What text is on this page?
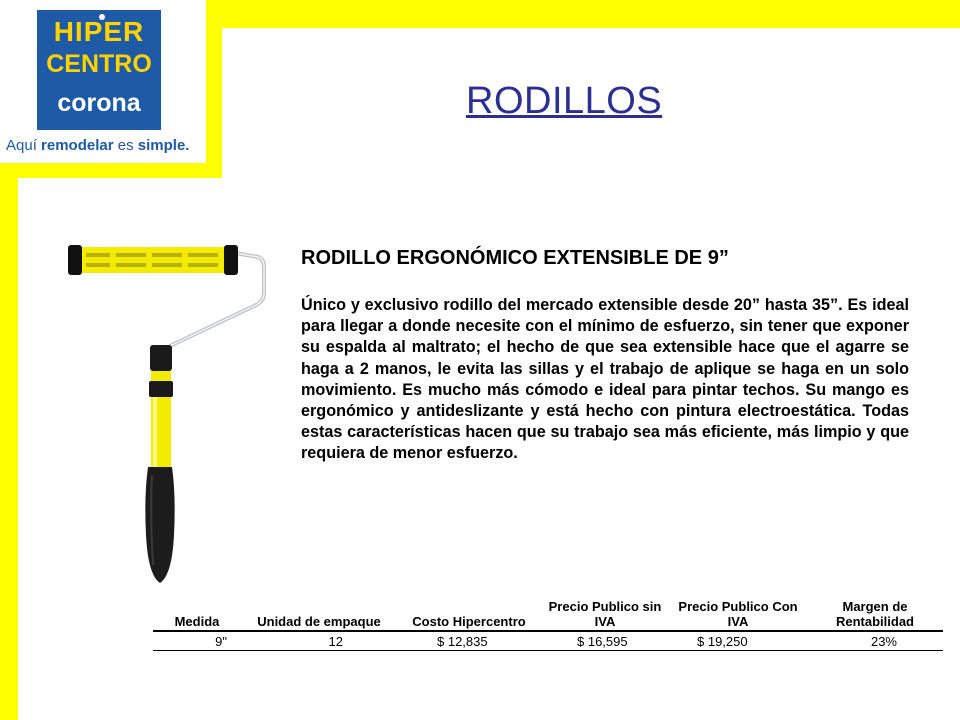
HIPER
CENTRO
corona
Aquí remodelar es simple.
RODILLOS
RODILLO ERGONÓMICO EXTENSIBLE DE 9”
Único y exclusivo rodillo del mercado extensible desde 20” hasta 35”. Es ideal para llegar a donde necesite con el mínimo de esfuerzo, sin tener que exponer su espalda al maltrato; el hecho de que sea extensible hace que el agarre se haga a 2 manos, le evita las sillas y el trabajo de aplique se haga en un solo movimiento. Es mucho más cómodo e ideal para pintar techos. Su mango es ergonómico y antideslizante y está hecho con pintura electroestática. Todas estas características hacen que su trabajo sea más eficiente, más limpio y que requiera de menor esfuerzo.
Medida	Unidad de empaque	Costo Hipercentro	Precio Publico sin IVA	Precio Publico Con IVA	Margen de Rentabilidad
9"	12	$ 12,835	$ 16,595	$ 19,250	23%
